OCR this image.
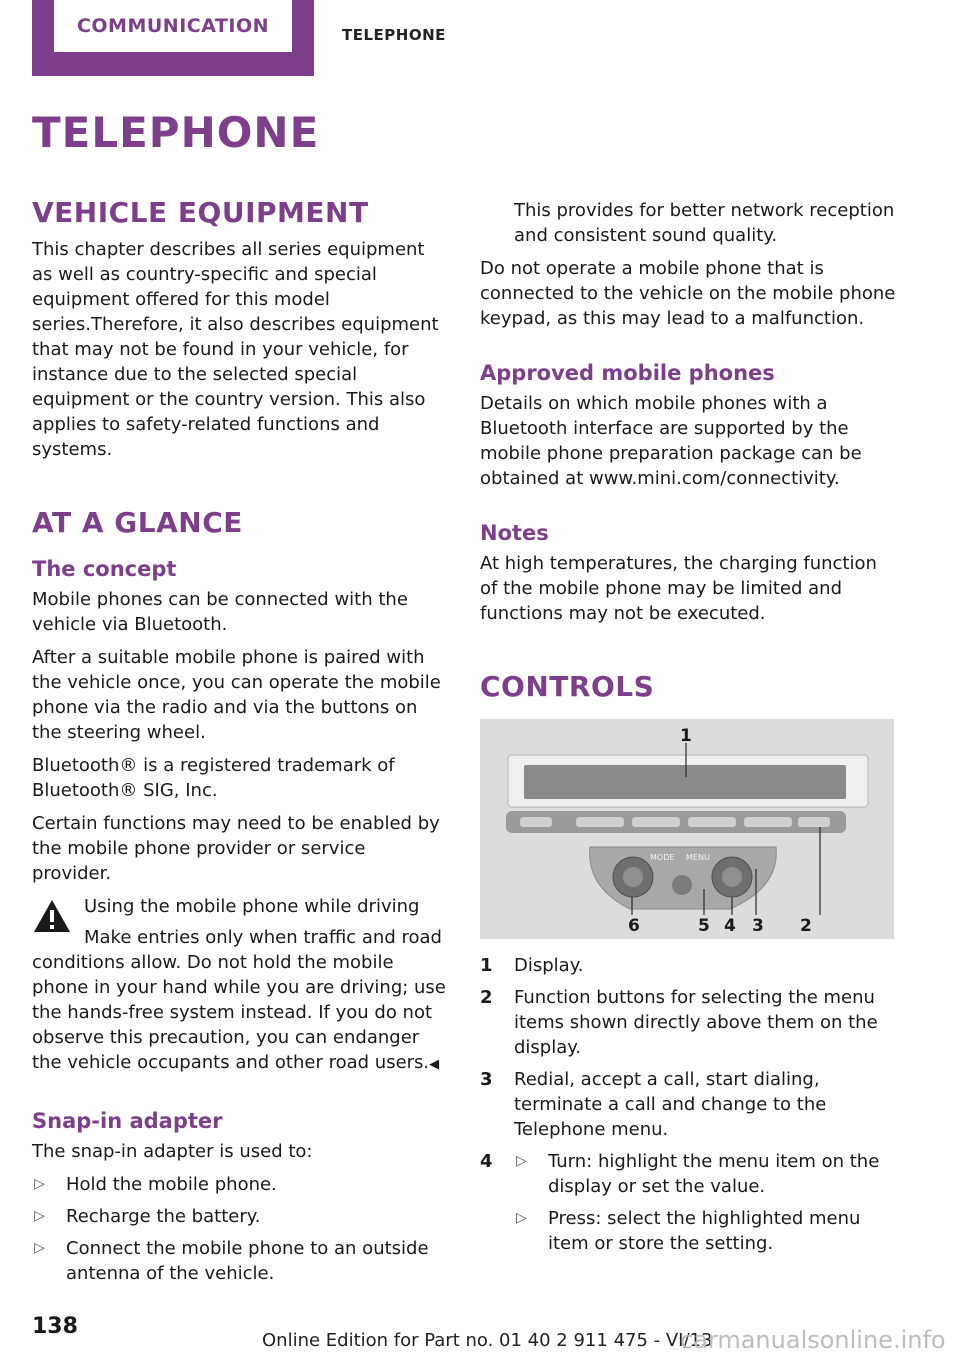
COMMUNICATION	TELEPHONE
TELEPHONE
VEHICLE EQUIPMENT

This chapter describes all series equipment as well as country-specific and special equipment offered for this model series.Therefore, it also describes equipment that may not be found in your vehicle, for instance due to the selected special equipment or the country version. This also applies to safety-related functions and systems.

AT A GLANCE
The concept

Mobile phones can be connected with the vehicle via Bluetooth.

After a suitable mobile phone is paired with the vehicle once, you can operate the mobile phone via the radio and via the buttons on the steering wheel.

Bluetooth® is a registered trademark of Bluetooth® SIG, Inc.

Certain functions may need to be enabled by the mobile phone provider or service provider.

Using the mobile phone while driving

Make entries only when traffic and road conditions allow. Do not hold the mobile phone in your hand while you are driving; use the hands-free system instead. If you do not observe this precaution, you can endanger the vehicle occupants and other road users.◀

Snap-in adapter

The snap-in adapter is used to:

▷ Hold the mobile phone.
▷ Recharge the battery.
▷ Connect the mobile phone to an outside antenna of the vehicle.

This provides for better network reception and consistent sound quality.

Do not operate a mobile phone that is connected to the vehicle on the mobile phone keypad, as this may lead to a malfunction.

Approved mobile phones

Details on which mobile phones with a Bluetooth interface are supported by the mobile phone preparation package can be obtained at www.mini.com/connectivity.

Notes

At high temperatures, the charging function of the mobile phone may be limited and functions may not be executed.

CONTROLS
MODE MENU
1
6	5 4 3 2
1 Display.
2 Function buttons for selecting the menu items shown directly above them on the display.
3 Redial, accept a call, start dialing, terminate a call and change to the Telephone menu.
4 ▷ Turn: highlight the menu item on the display or set the value.
▷ Press: select the highlighted menu item or store the setting.
138
Online Edition for Part no. 01 40 2 911 475 - VI/13
carmanualsonline.info
